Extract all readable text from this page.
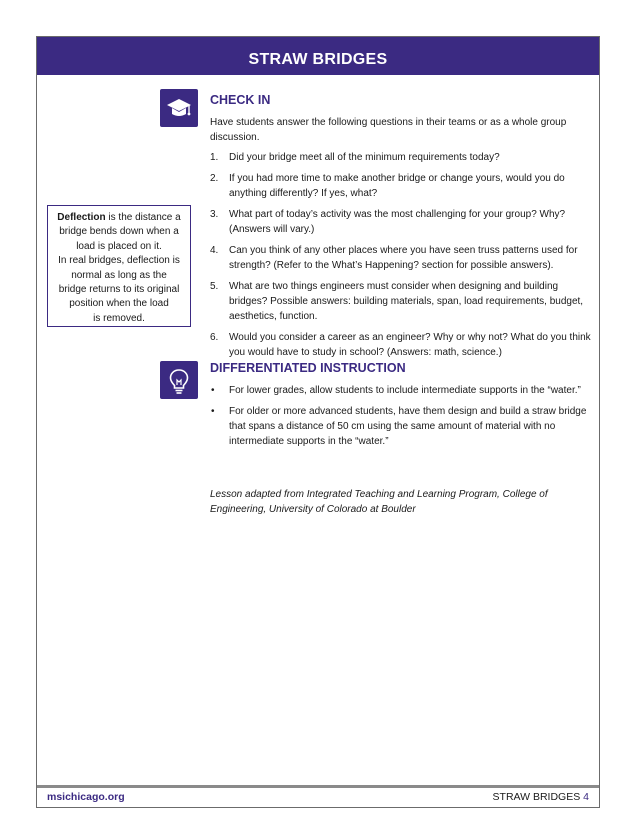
STRAW BRIDGES
CHECK IN
Have students answer the following questions in their teams or as a whole group discussion.
1. Did your bridge meet all of the minimum requirements today?
2. If you had more time to make another bridge or change yours, would you do anything differently? If yes, what?
3. What part of today’s activity was the most challenging for your group? Why? (Answers will vary.)
4. Can you think of any other places where you have seen truss patterns used for strength? (Refer to the What’s Happening? section for possible answers).
5. What are two things engineers must consider when designing and building bridges? Possible answers: building materials, span, load requirements, budget, aesthetics, function.
6. Would you consider a career as an engineer? Why or why not? What do you think you would have to study in school? (Answers: math, science.)
Deflection is the distance a
bridge bends down when a
load is placed on it.
In real bridges, deflection is
normal as long as the
bridge returns to its original
position when the load
is removed.
DIFFERENTIATED INSTRUCTION
• For lower grades, allow students to include intermediate supports in the “water.”
• For older or more advanced students, have them design and build a straw bridge that spans a distance of 50 cm using the same amount of material with no intermediate supports in the “water.”
Lesson adapted from Integrated Teaching and Learning Program, College of Engineering, University of Colorado at Boulder
msichicago.org	STRAW BRIDGES 4
